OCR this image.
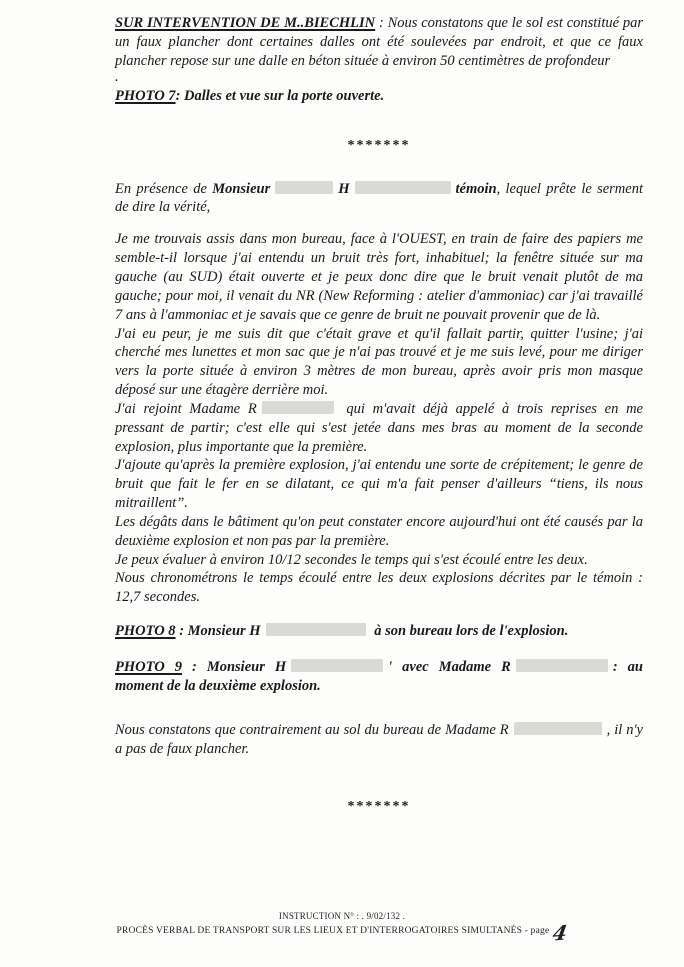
SUR INTERVENTION DE M..BIECHLIN : Nous constatons que le sol est constitué par un faux plancher dont certaines dalles ont été soulevées par endroit, et que ce faux plancher repose sur une dalle en béton située à environ 50 centimètres de profondeur

.

PHOTO 7: Dalles et vue sur la porte ouverte.

*******

En présence de Monsieur	H	témoin, lequel prête le serment de dire la vérité,

Je me trouvais assis dans mon bureau, face à l'OUEST, en train de faire des papiers me semble-t-il lorsque j'ai entendu un bruit très fort, inhabituel; la fenêtre située sur ma gauche (au SUD) était ouverte et je peux donc dire que le bruit venait plutôt de ma gauche; pour moi, il venait du NR (New Reforming : atelier d'ammoniac) car j'ai travaillé 7 ans à l'ammoniac et je savais que ce genre de bruit ne pouvait provenir que de là.

J'ai eu peur, je me suis dit que c'était grave et qu'il fallait partir, quitter l'usine; j'ai cherché mes lunettes et mon sac que je n'ai pas trouvé et je me suis levé, pour me diriger vers la porte située à environ 3 mètres de mon bureau, après avoir pris mon masque déposé sur une étagère derrière moi.

J'ai rejoint Madame R	qui m'avait déjà appelé à trois reprises en me pressant de partir; c'est elle qui s'est jetée dans mes bras au moment de la seconde explosion, plus importante que la première.

J'ajoute qu'après la première explosion, j'ai entendu une sorte de crépitement; le genre de bruit que fait le fer en se dilatant, ce qui m'a fait penser d'ailleurs “tiens, ils nous mitraillent”.

Les dégâts dans le bâtiment qu'on peut constater encore aujourd'hui ont été causés par la deuxième explosion et non pas par la première.

Je peux évaluer à environ 10/12 secondes le temps qui s'est écoulé entre les deux.

Nous chronométrons le temps écoulé entre les deux explosions décrites par le témoin : 12,7 secondes.

PHOTO 8 : Monsieur H	à son bureau lors de l'explosion.

PHOTO 9 : Monsieur H	' avec Madame R	: au moment de la deuxième explosion.

Nous constatons que contrairement au sol du bureau de Madame R	, il n'y a pas de faux plancher.

*******
INSTRUCTION N° : . 9/02/132 .
PROCÈS VERBAL DE TRANSPORT SUR LES LIEUX ET D'INTERROGATOIRES SIMULTANÉS - page4
